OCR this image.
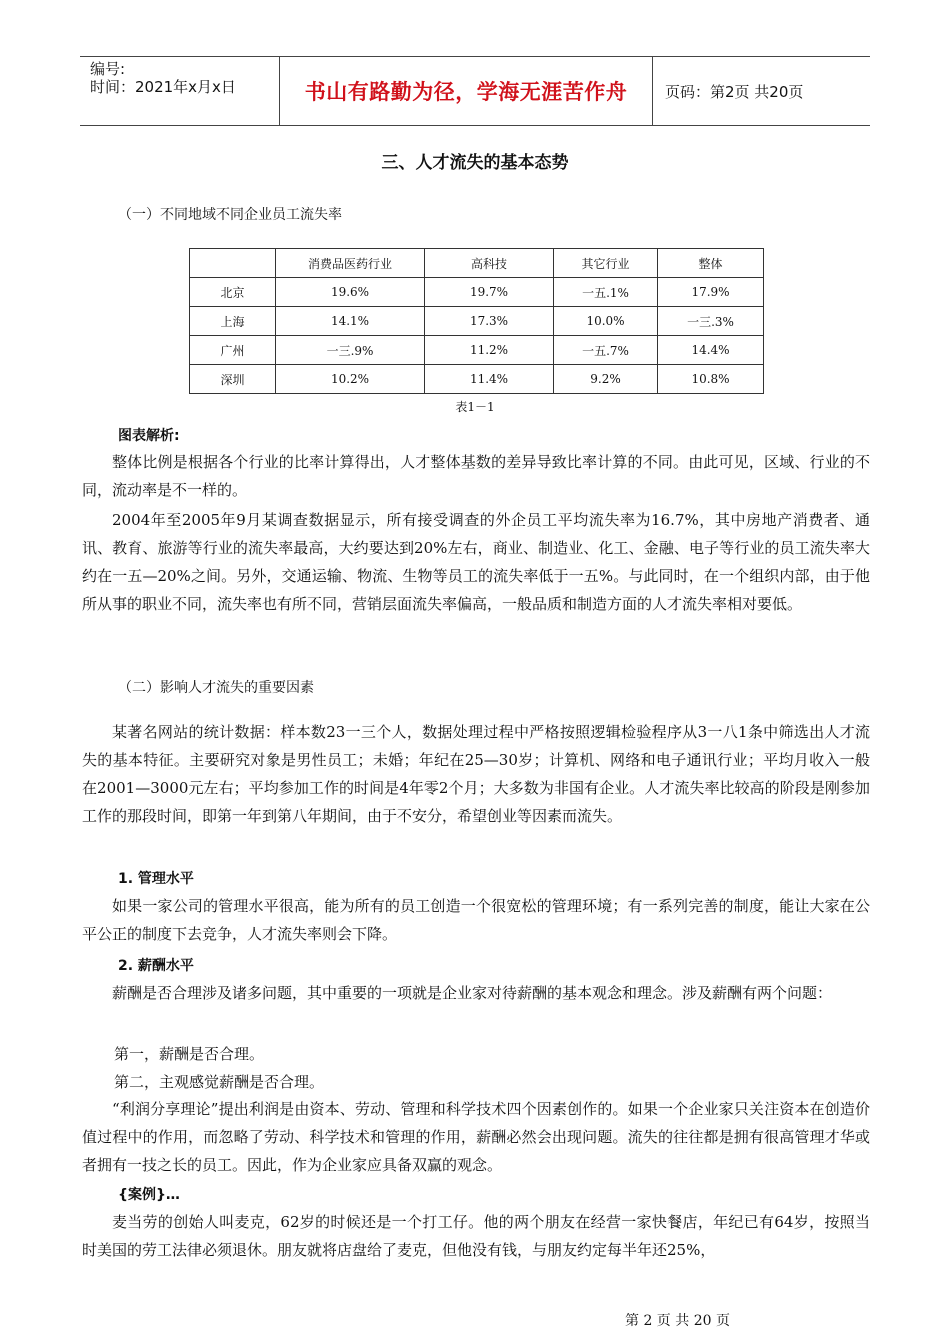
编号:
时间：2021年x月x日	书山有路勤为径，学海无涯苦作舟	页码：第2页 共20页
三、人才流失的基本态势
（一）不同地域不同企业员工流失率
	消费品医药行业	高科技	其它行业	整体
北京	19.6%	19.7%	一五.1%	17.9%
上海	14.1%	17.3%	10.0%	一三.3%
广州	一三.9%	11.2%	一五.7%	14.4%
深圳	10.2%	11.4%	9.2%	10.8%
表1－1
图表解析:
整体比例是根据各个行业的比率计算得出，人才整体基数的差异导致比率计算的不同。由此可见，区域、行业的不同，流动率是不一样的。
2004年至2005年9月某调查数据显示，所有接受调查的外企员工平均流失率为16.7%，其中房地产消费者、通讯、教育、旅游等行业的流失率最高，大约要达到20%左右，商业、制造业、化工、金融、电子等行业的员工流失率大约在一五—20%之间。另外，交通运输、物流、生物等员工的流失率低于一五%。与此同时，在一个组织内部，由于他所从事的职业不同，流失率也有所不同，营销层面流失率偏高，一般品质和制造方面的人才流失率相对要低。
（二）影响人才流失的重要因素
某著名网站的统计数据：样本数23一三个人，数据处理过程中严格按照逻辑检验程序从3一八1条中筛选出人才流失的基本特征。主要研究对象是男性员工；未婚；年纪在25—30岁；计算机、网络和电子通讯行业；平均月收入一般在2001—3000元左右；平均参加工作的时间是4年零2个月；大多数为非国有企业。人才流失率比较高的阶段是刚参加工作的那段时间，即第一年到第八年期间，由于不安分，希望创业等因素而流失。
1. 管理水平
如果一家公司的管理水平很高，能为所有的员工创造一个很宽松的管理环境；有一系列完善的制度，能让大家在公平公正的制度下去竞争，人才流失率则会下降。
2. 薪酬水平
薪酬是否合理涉及诸多问题，其中重要的一项就是企业家对待薪酬的基本观念和理念。涉及薪酬有两个问题：
第一，薪酬是否合理。
第二，主观感觉薪酬是否合理。
“利润分享理论”提出利润是由资本、劳动、管理和科学技术四个因素创作的。如果一个企业家只关注资本在创造价值过程中的作用，而忽略了劳动、科学技术和管理的作用，薪酬必然会出现问题。流失的往往都是拥有很高管理才华或者拥有一技之长的员工。因此，作为企业家应具备双赢的观念。
{案例}…
麦当劳的创始人叫麦克，62岁的时候还是一个打工仔。他的两个朋友在经营一家快餐店，年纪已有64岁，按照当时美国的劳工法律必须退休。朋友就将店盘给了麦克，但他没有钱，与朋友约定每半年还25%，
第 2 页 共 20 页
